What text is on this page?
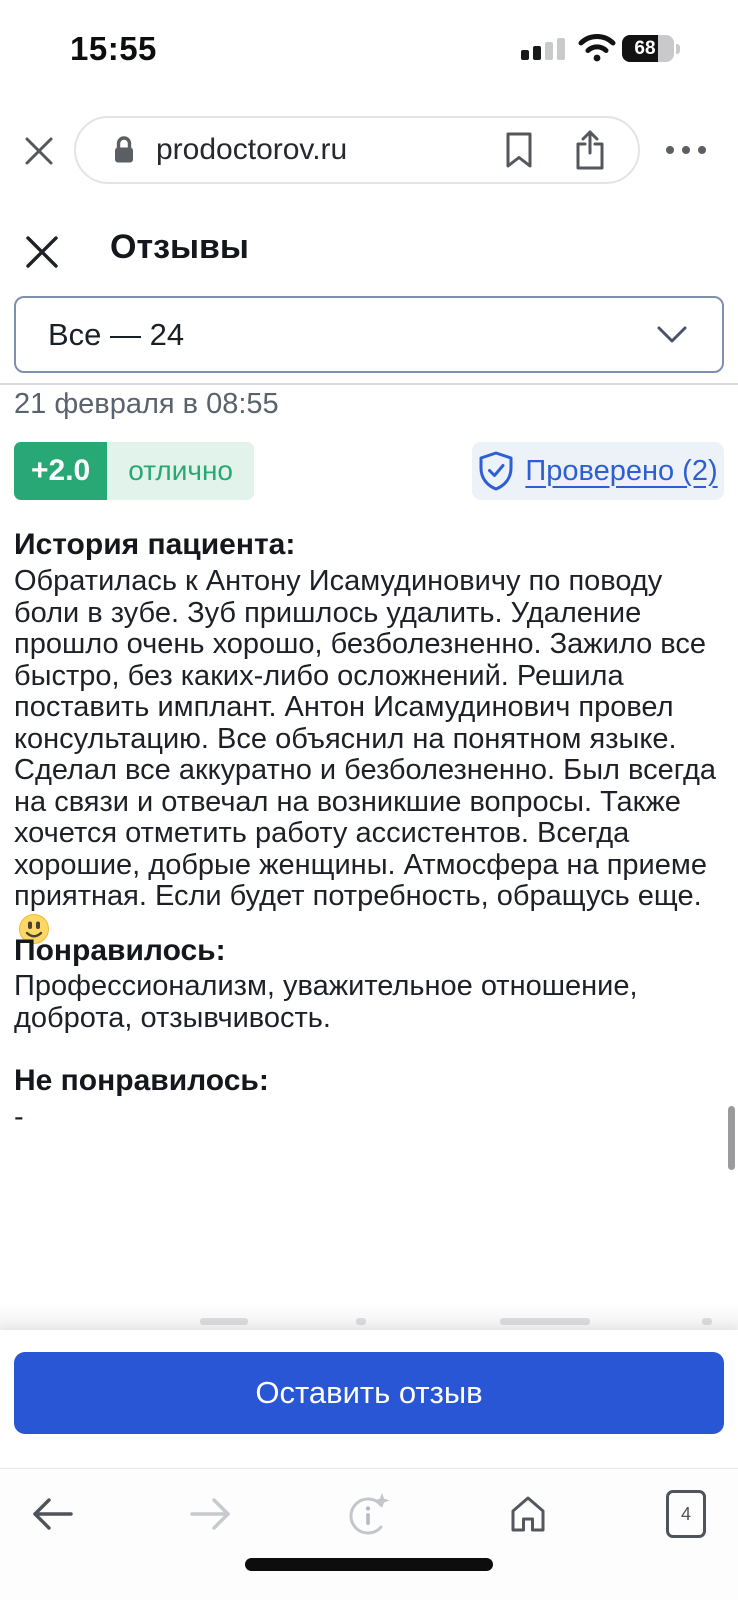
15:55	68
prodoctorov.ru
Отзывы
Все — 24
21 февраля в 08:55
+2.0	отлично	Проверено (2)
История пациента:
Обратилась к Антону Исамудиновичу по поводу боли в зубе. Зуб пришлось удалить. Удаление прошло очень хорошо, безболезненно. Зажило все быстро, без каких-либо осложнений. Решила поставить имплант. Антон Исамудинович провел консультацию. Все объяснил на понятном языке. Сделал все аккуратно и безболезненно. Был всегда на связи и отвечал на возникшие вопросы. Также хочется отметить работу ассистентов. Всегда хорошие, добрые женщины. Атмосфера на приеме приятная. Если будет потребность, обращусь еще.
Понравилось:
Профессионализм, уважительное отношение, доброта, отзывчивость.
Не понравилось:
-
Оставить отзыв
4
